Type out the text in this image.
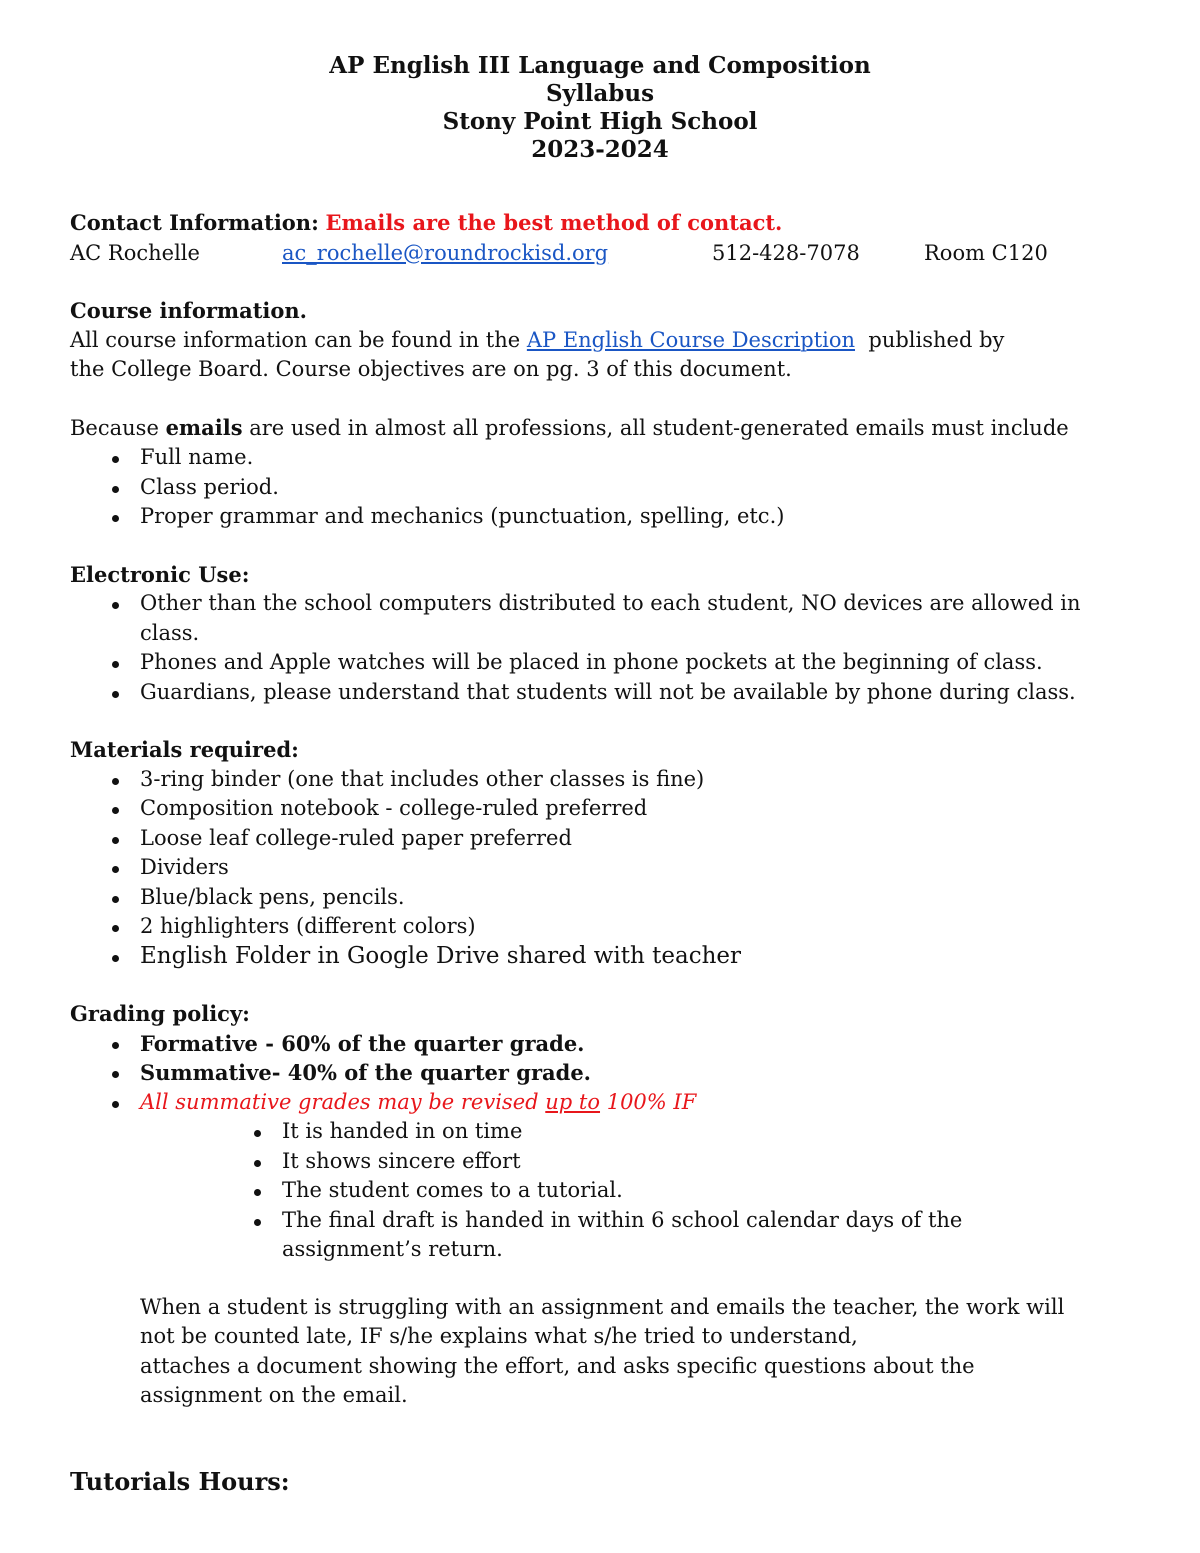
AP English III Language and Composition
Syllabus
Stony Point High School
2023-2024

Contact Information: Emails are the best method of contact.

AC Rochelle	ac_rochelle@roundrockisd.org	512-428-7078	Room C120

Course information.

All course information can be found in the AP English Course Description published by

the College Board. Course objectives are on pg. 3 of this document.

Because emails are used in almost all professions, all student-generated emails must include

Full name.
Class period.
Proper grammar and mechanics (punctuation, spelling, etc.)

Electronic Use:

Other than the school computers distributed to each student, NO devices are allowed in class.
Phones and Apple watches will be placed in phone pockets at the beginning of class.
Guardians, please understand that students will not be available by phone during class.

Materials required:

3-ring binder (one that includes other classes is fine)
Composition notebook - college-ruled preferred
Loose leaf college-ruled paper preferred
Dividers
Blue/black pens, pencils.
2 highlighters (different colors)
English Folder in Google Drive shared with teacher

Grading policy:

Formative - 60% of the quarter grade.
Summative- 40% of the quarter grade.
All summative grades may be revised up to 100% IF
It is handed in on time
It shows sincere effort
The student comes to a tutorial.
The final draft is handed in within 6 school calendar days of the assignment’s return.

When a student is struggling with an assignment and emails the teacher, the work will

not be counted late, IF s/he explains what s/he tried to understand,

attaches a document showing the effort, and asks specific questions about the

assignment on the email.

Tutorials Hours:
